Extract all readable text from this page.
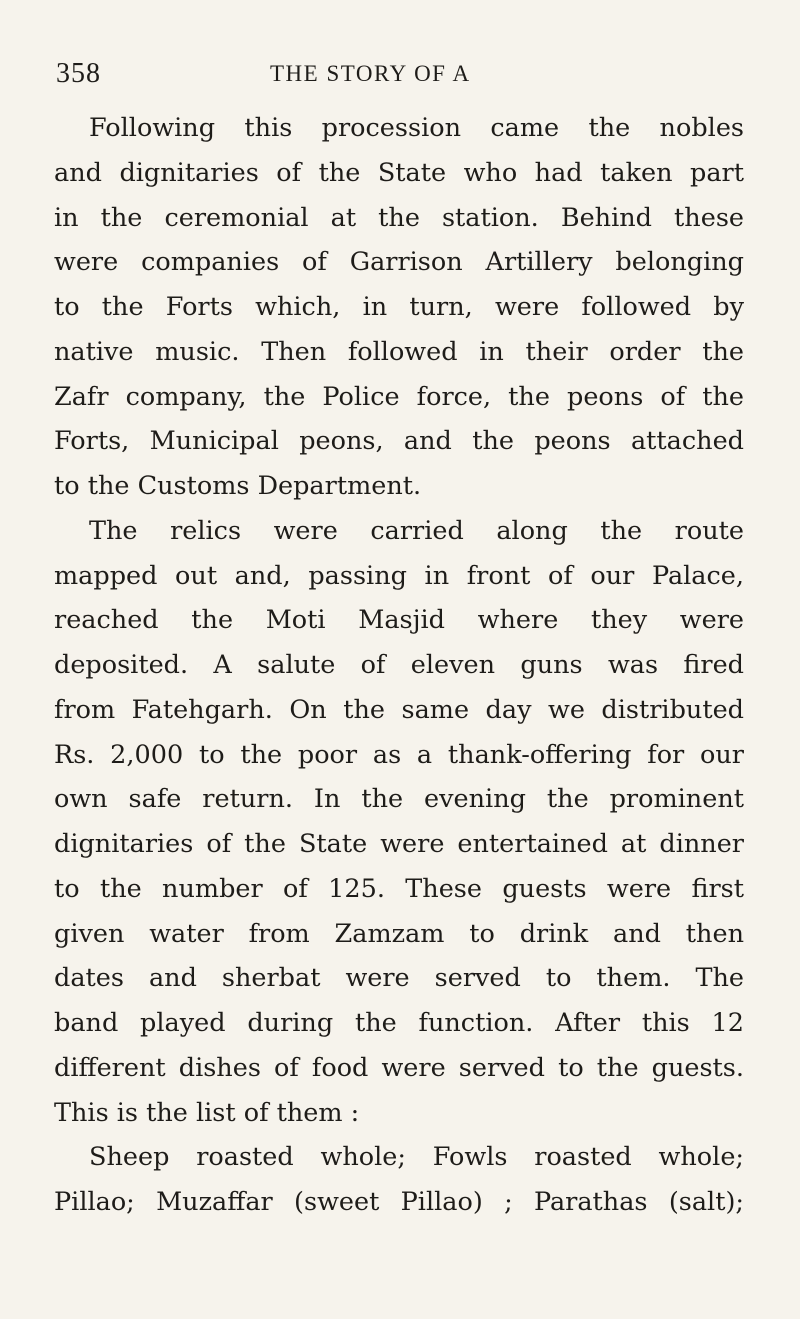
358	THE STORY OF A
Following this procession came the nobles
and dignitaries of the State who had taken part
in the ceremonial at the station. Behind these
were companies of Garrison Artillery belonging
to the Forts which, in turn, were followed by
native music. Then followed in their order the
Zafr company, the Police force, the peons of the
Forts, Municipal peons, and the peons attached
to the Customs Department.
The relics were carried along the route
mapped out and, passing in front of our Palace,
reached the Moti Masjid where they were
deposited. A salute of eleven guns was fired
from Fatehgarh. On the same day we distributed
Rs. 2,000 to the poor as a thank-offering for our
own safe return. In the evening the prominent
dignitaries of the State were entertained at dinner
to the number of 125. These guests were first
given water from Zamzam to drink and then
dates and sherbat were served to them. The
band played during the function. After this 12
different dishes of food were served to the guests.
This is the list of them :
Sheep roasted whole; Fowls roasted whole;
Pillao; Muzaffar (sweet Pillao) ; Parathas (salt);
